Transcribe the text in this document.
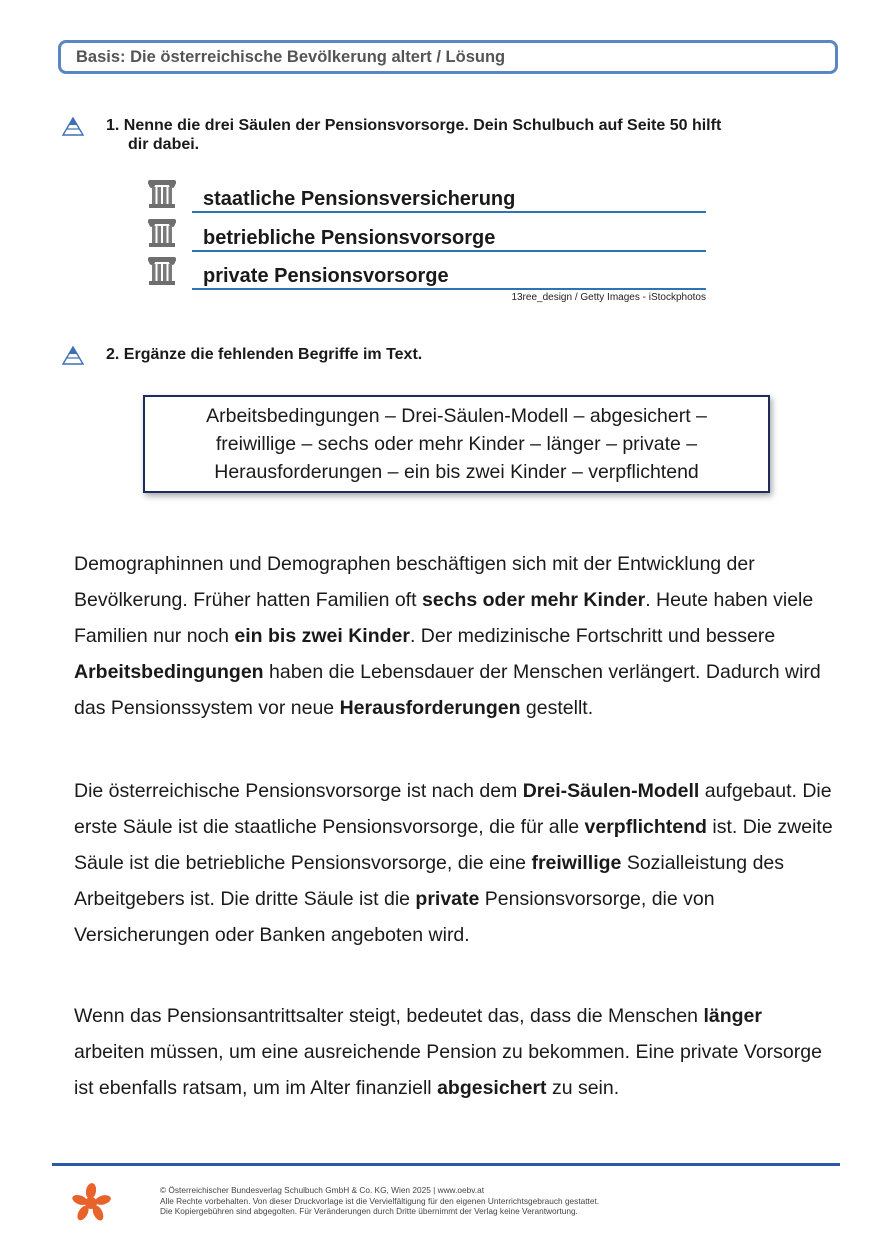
Basis: Die österreichische Bevölkerung altert / Lösung
1. Nenne die drei Säulen der Pensionsvorsorge. Dein Schulbuch auf Seite 50 hilft
dir dabei.
staatliche Pensionsversicherung
betriebliche Pensionsvorsorge
private Pensionsvorsorge
13ree_design / Getty Images - iStockphotos
2. Ergänze die fehlenden Begriffe im Text.
Arbeitsbedingungen – Drei-Säulen-Modell – abgesichert –
freiwillige – sechs oder mehr Kinder – länger – private –
Herausforderungen – ein bis zwei Kinder – verpflichtend
Demographinnen und Demographen beschäftigen sich mit der Entwicklung der Bevölkerung. Früher hatten Familien oft sechs oder mehr Kinder. Heute haben viele Familien nur noch ein bis zwei Kinder. Der medizinische Fortschritt und bessere Arbeitsbedingungen haben die Lebensdauer der Menschen verlängert. Dadurch wird das Pensionssystem vor neue Herausforderungen gestellt.
Die österreichische Pensionsvorsorge ist nach dem Drei-Säulen-Modell aufgebaut. Die erste Säule ist die staatliche Pensionsvorsorge, die für alle verpflichtend ist. Die zweite Säule ist die betriebliche Pensionsvorsorge, die eine freiwillige Sozialleistung des Arbeitgebers ist. Die dritte Säule ist die private Pensionsvorsorge, die von Versicherungen oder Banken angeboten wird.
Wenn das Pensionsantrittsalter steigt, bedeutet das, dass die Menschen länger arbeiten müssen, um eine ausreichende Pension zu bekommen. Eine private Vorsorge ist ebenfalls ratsam, um im Alter finanziell abgesichert zu sein.
© Österreichischer Bundesverlag Schulbuch GmbH & Co. KG, Wien 2025 | www.oebv.at
Alle Rechte vorbehalten. Von dieser Druckvorlage ist die Vervielfältigung für den eigenen Unterrichtsgebrauch gestattet.
Die Kopiergebühren sind abgegolten. Für Veränderungen durch Dritte übernimmt der Verlag keine Verantwortung.
